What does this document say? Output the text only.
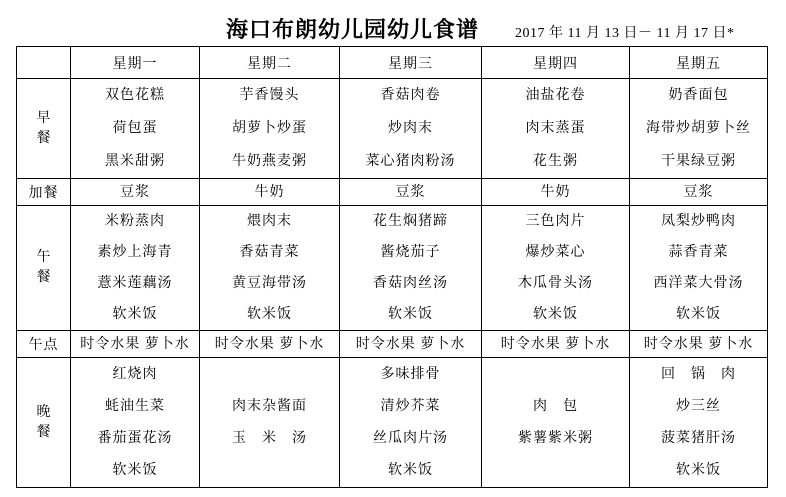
海口布朗幼儿园幼儿食谱	2017 年 11 月 13 日－ 11 月 17 日*
	星期一	星期二	星期三	星期四	星期五

早餐	双色花糕
荷包蛋
黑米甜粥	芋香馒头
胡萝卜炒蛋
牛奶燕麦粥	香菇肉卷
炒肉末
菜心猪肉粉汤	油盐花卷
肉末蒸蛋
花生粥	奶香面包
海带炒胡萝卜丝
干果绿豆粥

加餐	豆浆	牛奶	豆浆	牛奶	豆浆

午餐	米粉蒸肉
素炒上海青
薏米莲藕汤
软米饭	煨肉末
香菇青菜
黄豆海带汤
软米饭	花生焖猪蹄
酱烧茄子
香菇肉丝汤
软米饭	三色肉片
爆炒菜心
木瓜骨头汤
软米饭	凤梨炒鸭肉
蒜香青菜
西洋菜大骨汤
软米饭

午点	时令水果 萝卜水	时令水果 萝卜水	时令水果 萝卜水	时令水果 萝卜水	时令水果 萝卜水

晚餐	红烧肉
蚝油生菜
番茄蛋花汤
软米饭	肉末杂酱面
玉　米　汤	多味排骨
清炒芥菜
丝瓜肉片汤
软米饭	肉　包
紫薯紫米粥	回　锅　肉
炒三丝
菠菜猪肝汤
软米饭
